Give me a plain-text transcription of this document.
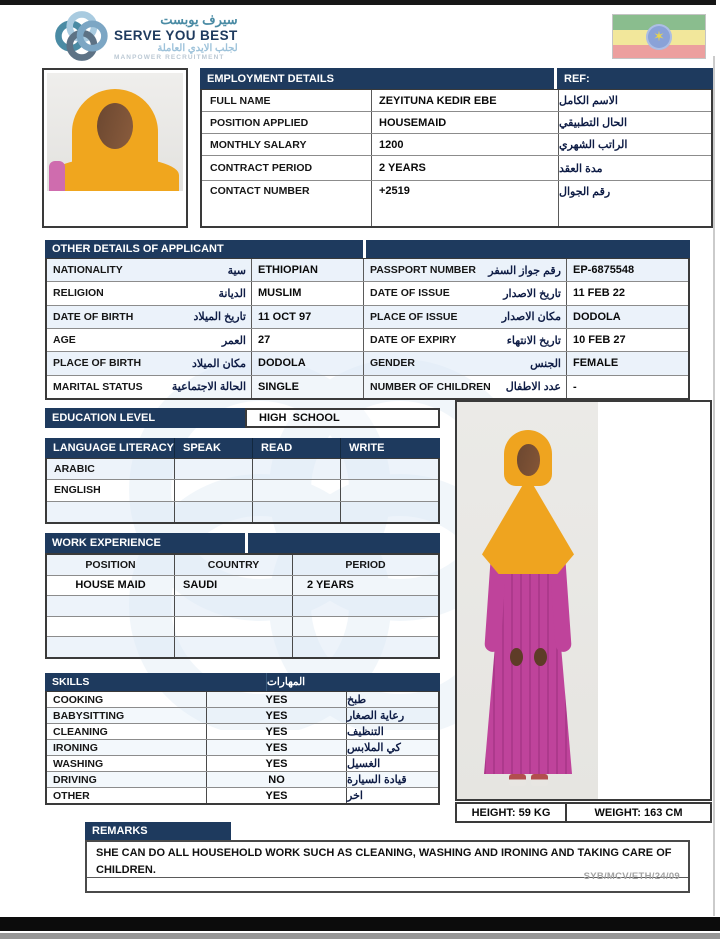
سيرف يوبست
SERVE YOU BEST
لجلب الايدي العاملة
MANPOWER RECRUITMENT
✶
EMPLOYMENT DETAILS	REF:
FULL NAME	ZEYITUNA KEDIR EBE	الاسم الكامل
POSITION APPLIED	HOUSEMAID	الحال التطبيقي
MONTHLY SALARY	1200	الراتب الشهري
CONTRACT PERIOD	2 YEARS	مدة العقد
CONTACT NUMBER	+2519	رقم الجوال
OTHER DETAILS OF APPLICANT
NATIONALITY	سية	ETHIOPIAN	PASSPORT NUMBER رقم جواز السفر	EP-6875548
RELIGION	الديانة	MUSLIM	DATE OF ISSUE	تاريخ الاصدار	11 FEB 22
DATE OF BIRTH	تاريخ الميلاد	11 OCT 97	PLACE OF ISSUE	مكان الاصدار	DODOLA
AGE	العمر	27	DATE OF EXPIRY	تاريخ الانتهاء	10 FEB 27
PLACE OF BIRTH	مكان الميلاد	DODOLA	GENDER	الجنس	FEMALE
MARITAL STATUS	الحالة الاجتماعية	SINGLE	NUMBER OF CHILDREN عدد الاطفال	-
EDUCATION LEVEL	HIGH  SCHOOL
LANGUAGE LITERACY SPEAK	READ	WRITE
ARABIC
ENGLISH
WORK EXPERIENCE
POSITION	COUNTRY	PERIOD
HOUSE MAID	SAUDI	2 YEARS
SKILLS	المهارات
COOKING	YES	طبخ
BABYSITTING	YES	رعاية الصغار
CLEANING	YES	التنظيف
IRONING	YES	كي الملابس
WASHING	YES	الغسيل
DRIVING	NO	قيادة السيارة
OTHER	YES	اخر
HEIGHT: 59 KG	WEIGHT: 163 CM
REMARKS
SHE CAN DO ALL HOUSEHOLD WORK SUCH AS CLEANING, WASHING AND IRONING AND TAKING CARE OF CHILDREN.
SYB/MCV/ETH/24/09
